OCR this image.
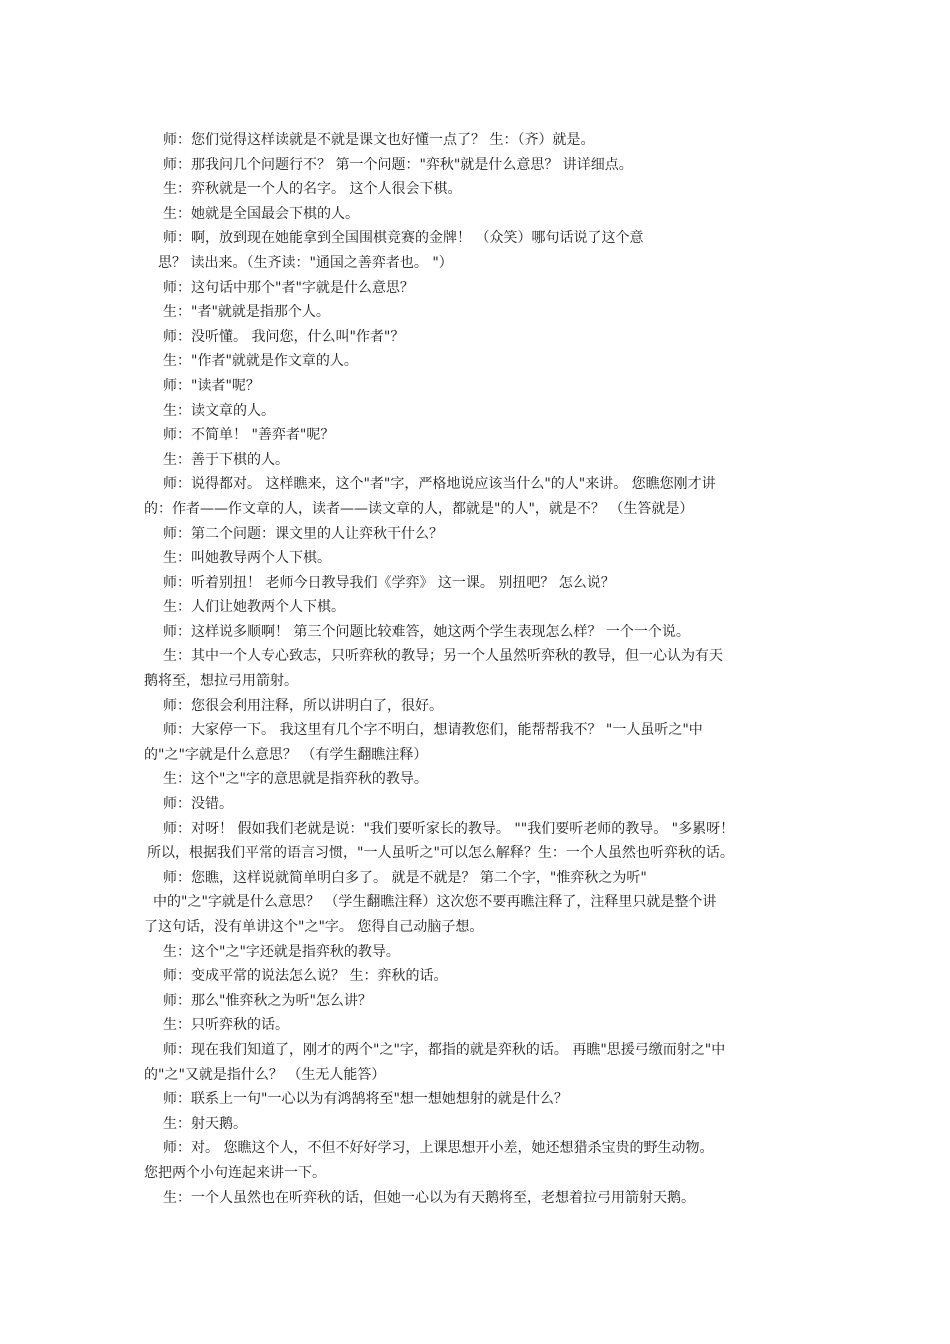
师：您们觉得这样读就是不就是课文也好懂一点了？ 生：（齐）就是。

师：那我问几个问题行不？ 第一个问题："弈秋"就是什么意思？ 讲详细点。

生：弈秋就是一个人的名字。 这个人很会下棋。

生：她就是全国最会下棋的人。

师：啊，放到现在她能拿到全国围棋竞赛的金牌！ （众笑）哪句话说了这个意

思？ 读出来。（生齐读："通国之善弈者也。 "）

师：这句话中那个"者"字就是什么意思？

生："者"就就是指那个人。

师：没听懂。 我问您，什么叫"作者"？

生："作者"就就是作文章的人。

师："读者"呢？

生：读文章的人。

师：不简单！ "善弈者"呢？

生：善于下棋的人。

师：说得都对。 这样瞧来，这个"者"字，严格地说应该当什么"的人"来讲。 您瞧您刚才讲

的：作者——作文章的人，读者——读文章的人，都就是"的人"，就是不？ （生答就是）

师：第二个问题：课文里的人让弈秋干什么？

生：叫她教导两个人下棋。

师：听着别扭！ 老师今日教导我们《学弈》 这一课。 别扭吧？ 怎么说？

生：人们让她教两个人下棋。

师：这样说多顺啊！ 第三个问题比较难答，她这两个学生表现怎么样？ 一个一个说。

生：其中一个人专心致志，只听弈秋的教导；另一个人虽然听弈秋的教导，但一心认为有天

鹅将至，想拉弓用箭射。

师：您很会利用注释，所以讲明白了，很好。

师：大家停一下。 我这里有几个字不明白，想请教您们，能帮帮我不？ "一人虽听之"中

的"之"字就是什么意思？ （有学生翻瞧注释）

生：这个"之"字的意思就是指弈秋的教导。

师：没错。

师：对呀！ 假如我们老就是说："我们要听家长的教导。 ""我们要听老师的教导。 "多累呀！

所以，根据我们平常的语言习惯，"一人虽听之"可以怎么解释？生：一个人虽然也听弈秋的话。

师：您瞧，这样说就简单明白多了。 就是不就是？ 第二个字，"惟弈秋之为听"

中的"之"字就是什么意思？ （学生翻瞧注释）这次您不要再瞧注释了，注释里只就是整个讲

了这句话，没有单讲这个"之"字。 您得自己动脑子想。

生：这个"之"字还就是指弈秋的教导。

师：变成平常的说法怎么说？ 生：弈秋的话。

师：那么"惟弈秋之为听"怎么讲？

生：只听弈秋的话。

师：现在我们知道了，刚才的两个"之"字，都指的就是弈秋的话。 再瞧"思援弓缴而射之"中

的"之"又就是指什么？ （生无人能答）

师：联系上一句"一心以为有鸿鹄将至"想一想她想射的就是什么？

生：射天鹅。

师：对。 您瞧这个人，不但不好好学习，上课思想开小差，她还想猎杀宝贵的野生动物。

您把两个小句连起来讲一下。

生：一个人虽然也在听弈秋的话，但她一心以为有天鹅将至，老想着拉弓用箭射天鹅。
